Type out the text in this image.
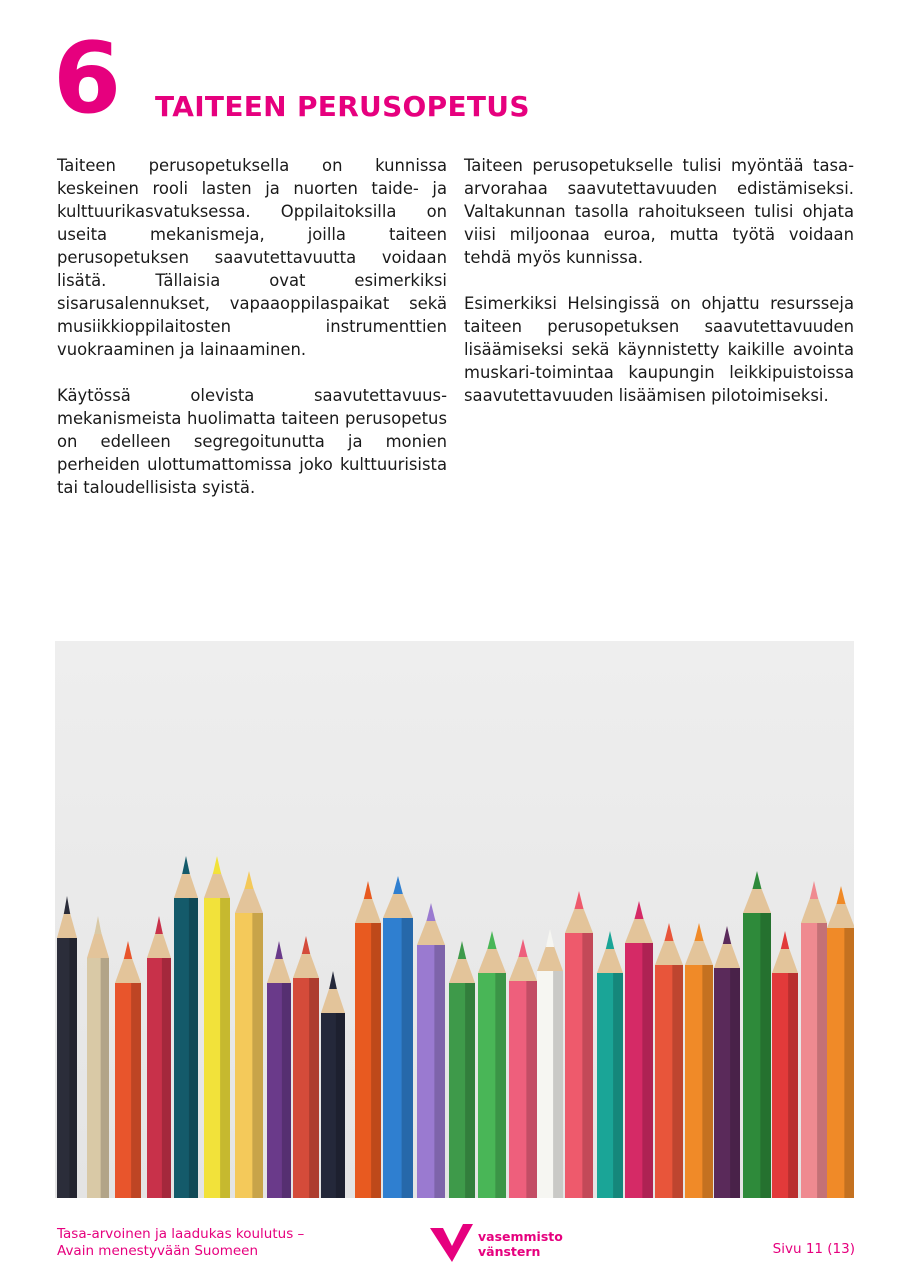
6 TAITEEN PERUSOPETUS

Taiteen perusopetuksella on kunnissa keskeinen rooli lasten ja nuorten taide- ja kulttuurikasvatuksessa. Oppilaitoksilla on useita mekanismeja, joilla taiteen perusopetuksen saavutettavuutta voidaan lisätä. Tällaisia ovat esimerkiksi sisarusalennukset, vapaaoppilaspaikat sekä musiikkioppilaitosten instrumenttien vuokraaminen ja lainaaminen.

Käytössä olevista saavutettavuus-mekanismeista huolimatta taiteen perusopetus on edelleen segregoitunutta ja monien perheiden ulottumattomissa joko kulttuurisista tai taloudellisista syistä.

Taiteen perusopetukselle tulisi myöntää tasa-arvorahaa saavutettavuuden edistämiseksi. Valtakunnan tasolla rahoitukseen tulisi ohjata viisi miljoonaa euroa, mutta työtä voidaan tehdä myös kunnissa.

Esimerkiksi Helsingissä on ohjattu resursseja taiteen perusopetuksen saavutettavuuden lisäämiseksi sekä käynnistetty kaikille avointa muskari-toimintaa kaupungin leikkipuistoissa saavutettavuuden lisäämisen pilotoimiseksi.

Tasa-arvoinen ja laadukas koulutus –
Avain menestyvään Suomeen
vasemmisto
vänstern	Sivu 11 (13)
